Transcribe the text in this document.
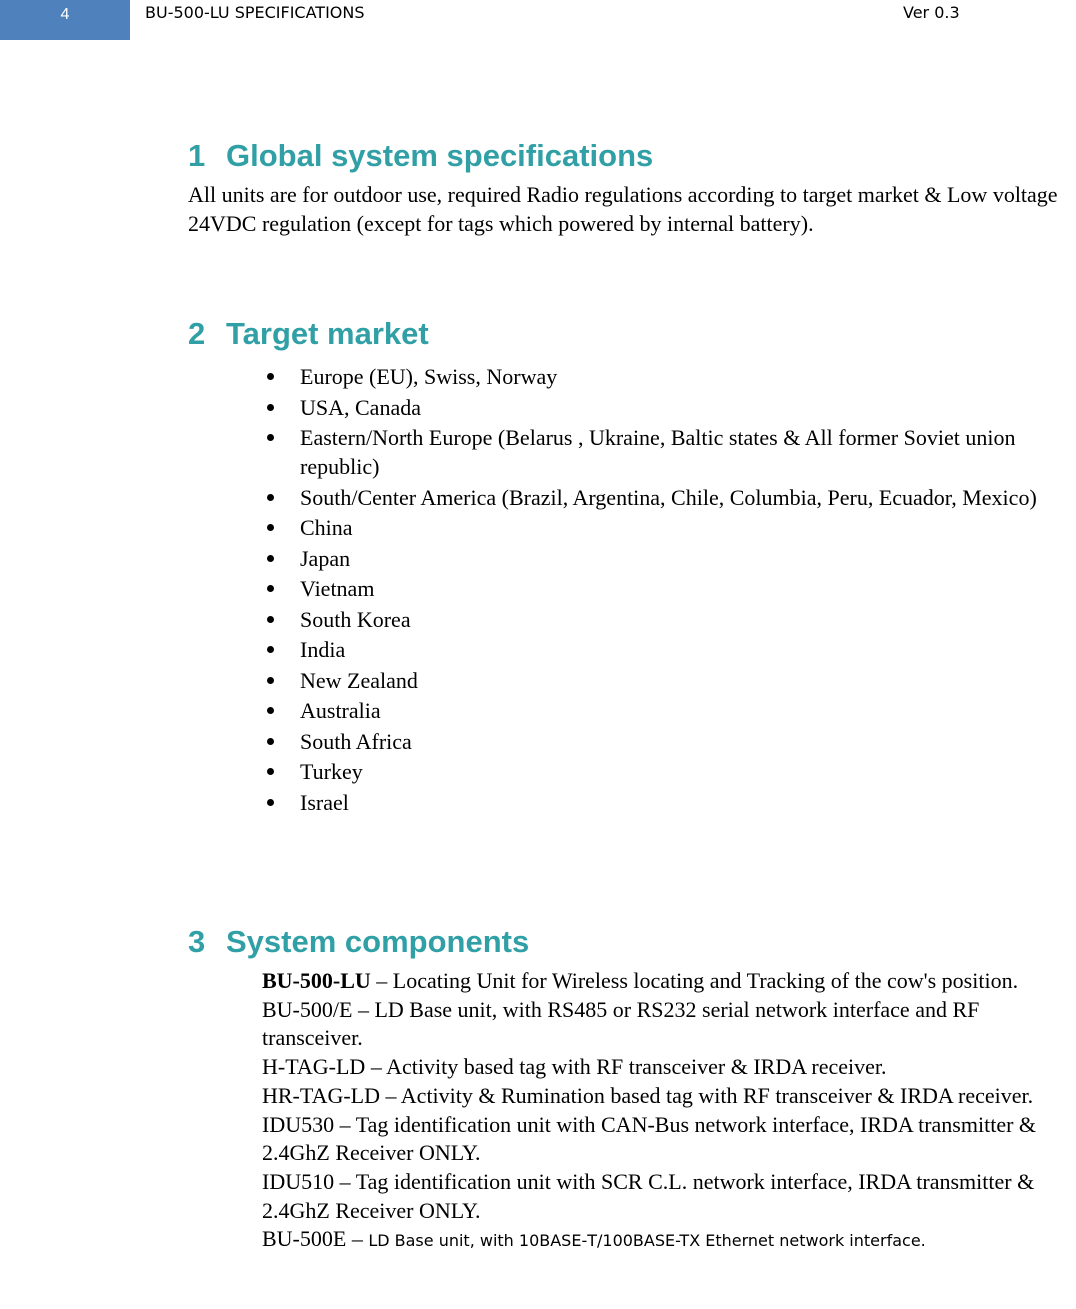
4	BU-500-LU SPECIFICATIONS	Ver 0.3
1 Global system specifications

All units are for outdoor use, required Radio regulations according to target market & Low voltage 24VDC regulation (except for tags which powered by internal battery).

2 Target market
Europe (EU), Swiss, Norway
USA, Canada
Eastern/North Europe (Belarus , Ukraine, Baltic states & All former Soviet union republic)
South/Center America (Brazil, Argentina, Chile, Columbia, Peru, Ecuador, Mexico)
China
Japan
Vietnam
South Korea
India
New Zealand
Australia
South Africa
Turkey
Israel
3 System components

BU-500-LU – Locating Unit for Wireless locating and Tracking of the cow's position.

BU-500/E – LD Base unit, with RS485 or RS232 serial network interface and RF transceiver.

H-TAG-LD – Activity based tag with RF transceiver & IRDA receiver.

HR-TAG-LD – Activity & Rumination based tag with RF transceiver & IRDA receiver.

IDU530 – Tag identification unit with CAN-Bus network interface, IRDA transmitter & 2.4GhZ Receiver ONLY.

IDU510 – Tag identification unit with SCR C.L. network interface, IRDA transmitter & 2.4GhZ Receiver ONLY.

BU-500E – LD Base unit, with 10BASE‑T/100BASE-TX Ethernet network interface.
